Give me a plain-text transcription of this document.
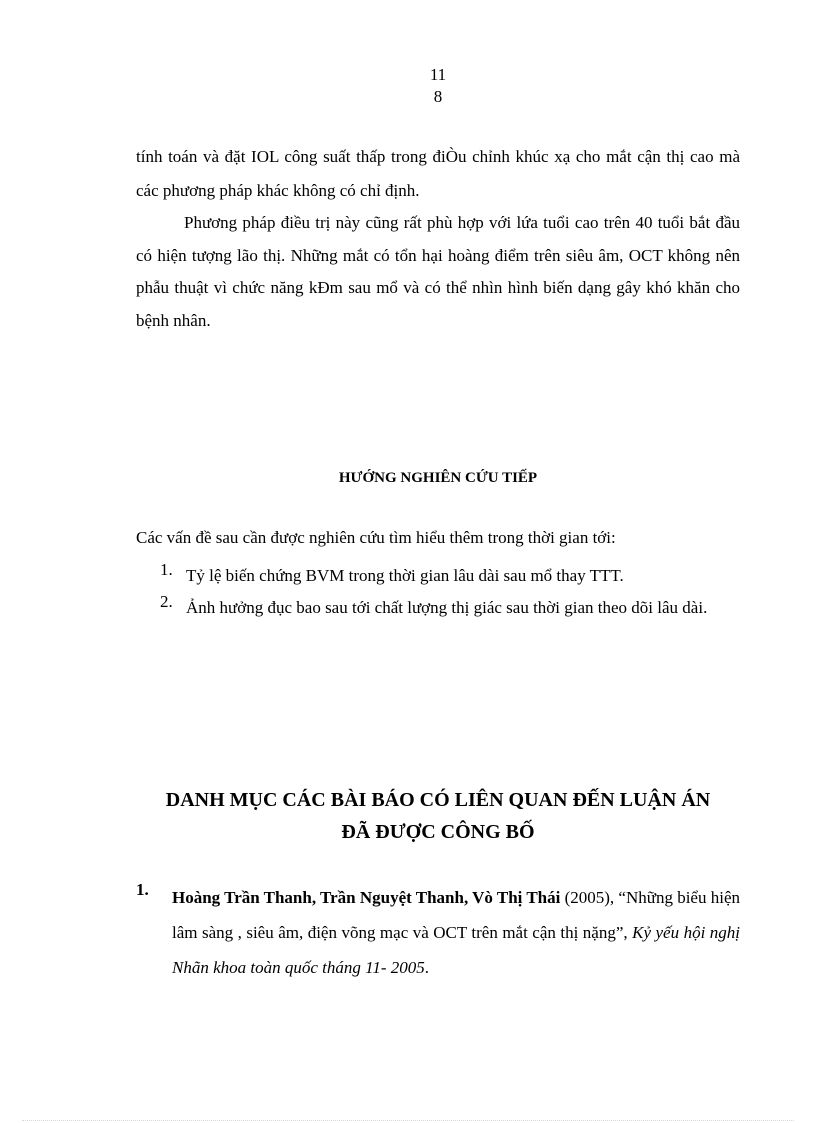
11
8
tính toán và đặt IOL công suất thấp trong điÒu chỉnh khúc xạ cho mắt cận thị cao mà các phương pháp khác không có chỉ định.
Phương pháp điều trị này cũng rất phù hợp với lứa tuổi cao trên 40 tuổi bắt đầu có hiện tượng lão thị. Những mắt có tổn hại hoàng điểm trên siêu âm, OCT không nên phẫu thuật vì chức năng kÐm sau mổ và có thể nhìn hình biến dạng gây khó khăn cho bệnh nhân.
HƯỚNG NGHIÊN CỨU TIẾP
Các vấn đề sau cần được nghiên cứu tìm hiểu thêm trong thời gian tới:
1. Tỷ lệ biến chứng BVM trong thời gian lâu dài sau mổ thay TTT.
2. Ảnh hưởng đục bao sau tới chất lượng thị giác sau thời gian theo dõi lâu dài.
DANH MỤC CÁC BÀI BÁO CÓ LIÊN QUAN ĐẾN LUẬN ÁN
ĐÃ ĐƯỢC CÔNG BỐ
1. Hoàng Trần Thanh, Trần Nguyệt Thanh, Vò Thị Thái (2005), “Những biểu hiện lâm sàng , siêu âm, điện võng mạc và OCT trên mắt cận thị nặng”, Kỷ yếu hội nghị Nhãn khoa toàn quốc tháng 11- 2005.
